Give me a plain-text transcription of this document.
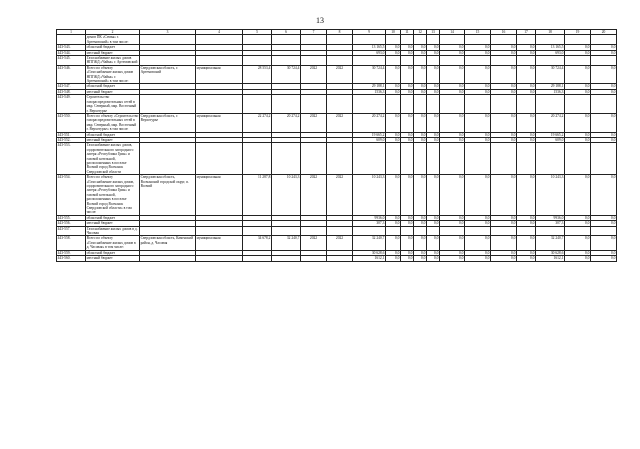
13
1	2	3	4	5	6	7	8	9	10	11	12	13	14	15	16	17	18	19	20
	домов ПК «Семья» г. Артемовский» в том числе:																		
443-543.	областной бюджет							13 165,5	0,0	0,0	0,0	0,0	0,0	0,0	0,0	0,0	13 165,5	0,0	0,0
443-544.	местный бюджет							693,0	0,0	0,0	0,0	0,0	0,0	0,0	0,0	0,0	693,0	0,0	0,0
443-545.	Газоснабжение жилых домов НПГЖД «Чайка» г. Артемовский																		
443-546.	Всего по объекту «Газоснабжение жилых домов НПГЖД «Чайка» г. Артемовский» в том числе:	Свердловская область, г. Артемовский	муниципальная	28 553,4	30 724,4	2022	2022	30 724,4	0,0	0,0	0,0	0,0	0,0	0,0	0,0	0,0	30 724,4	0,0	0,0
443-547.	областной бюджет							29 188,1	0,0	0,0	0,0	0,0	0,0	0,0	0,0	0,0	29 188,1	0,0	0,0
443-548.	местный бюджет							1536,3	0,0	0,0	0,0	0,0	0,0	0,0	0,0	0,0	1536,3	0,0	0,0
443-549.	Строительство газораспределительных сетей в мкр. Северный, мкр. Восточный г. Верхотурье																		
443-550.	Всего по объекту «Строительство газораспределительных сетей в мкр. Северный, мкр. Восточный г. Верхотурье» в том числе:	Свердловская область, г. Верхотурье	муниципальная	22 274,2	20 274,2	2022	2022	20 274,2	0,0	0,0	0,0	0,0	0,0	0,0	0,0	0,0	20 274,2	0,0	0,0
443-551.	областной бюджет							19 665,2	0,0	0,0	0,0	0,0	0,0	0,0	0,0	0,0	19 665,2	0,0	0,0
443-552.	местный бюджет							609,0	0,0	0,0	0,0	0,0	0,0	0,0	0,0	0,0	609,0	0,0	0,0
443-553.	Газоснабжение жилых домов, оздоровительного загородного лагеря «Республика Грин» и газовой котельной, расположенных в поселке Волчий город Волчанск Свердловской области																		
443-554.	Всего по объекту «Газоснабжение жилых домов, оздоровительного загородного лагеря «Республика Грин» и газовой котельной, расположенных в поселке Волчий город Волчанск Свердловской области» в том числе:	Свердловская область, Волчанский городской округ, п. Волчий	муниципальная	11 287,8	10 243,3	2022	2022	10 243,3	0,0	0,0	0,0	0,0	0,0	0,0	0,0	0,0	10 243,3	0,0	0,0
443-555.	областной бюджет							9936,0	0,0	0,0	0,0	0,0	0,0	0,0	0,0	0,0	9936,0	0,0	0,0
443-556.	местный бюджет							307,3	0,0	0,0	0,0	0,0	0,0	0,0	0,0	0,0	307,3	0,0	0,0
443-557.	Газоснабжение жилых домов в д. Часовая																		
443-558.	Всего по объекту «Газоснабжение жилых домов в д. Часовая» в том числе:	Свердловская область, Каменский район, д. Часовая	муниципальная	34 678,2	32 240,7	2022	2022	32 240,7	0,0	0,0	0,0	0,0	0,0	0,0	0,0	0,0	32 240,7	0,0	0,0
443-559.	областной бюджет							30 628,6	0,0	0,0	0,0	0,0	0,0	0,0	0,0	0,0	30 628,6	0,0	0,0
443-560.	местный бюджет							1612,1	0,0	0,0	0,0	0,0	0,0	0,0	0,0	0,0	1612,1	0,0	0,0
